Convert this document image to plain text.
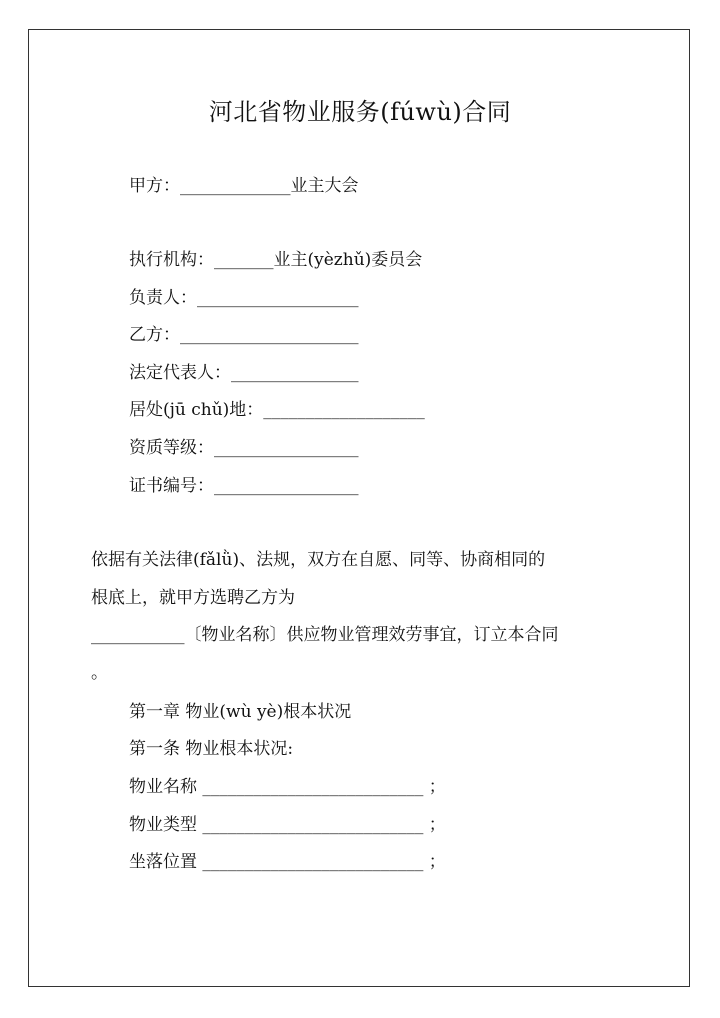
河北省物业服务(fúwù)合同
甲方：_____________业主大会
执行机构：_______业主(yèzhǔ)委员会
负责人：___________________
乙方：_____________________
法定代表人：_______________
居处(jū chǔ)地：___________________
资质等级：_________________
证书编号：_________________
依据有关法律(fǎlǜ)、法规，双方在自愿、同等、协商相同的
根底上，就甲方选聘乙方为
___________〔物业名称〕供应物业管理效劳事宜，订立本合同
。
第一章 物业(wù yè)根本状况
第一条 物业根本状况:
物业名称 __________________________ ；
物业类型 __________________________ ；
坐落位置 __________________________ ；
